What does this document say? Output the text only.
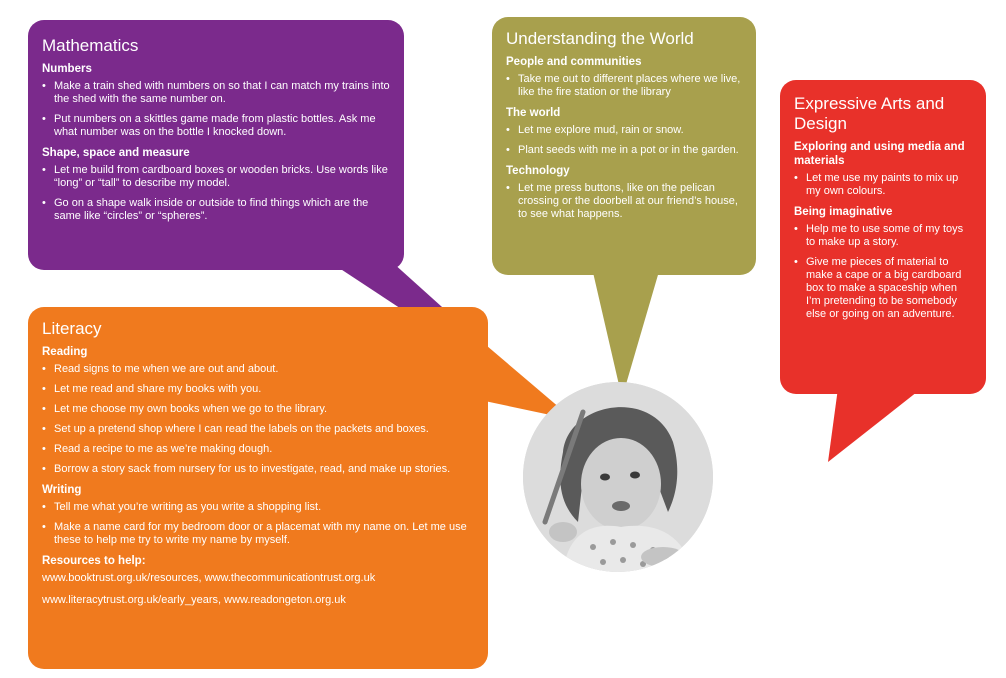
Mathematics
Numbers
• Make a train shed with numbers on so that I can match my trains into the shed with the same number on.
• Put numbers on a skittles game made from plastic bottles. Ask me what number was on the bottle I knocked down.
Shape, space and measure
• Let me build from cardboard boxes or wooden bricks. Use words like “long” or “tall” to describe my model.
• Go on a shape walk inside or outside to find things which are the same like “circles” or “spheres”.
Understanding the World
People and communities
• Take me out to different places where we live, like the fire station or the library
The world
• Let me explore mud, rain or snow.
• Plant seeds with me in a pot or in the garden.
Technology
• Let me press buttons, like on the pelican crossing or the doorbell at our friend’s house, to see what happens.
Expressive Arts and Design
Exploring and using media and materials
• Let me use my paints to mix up my own colours.
Being imaginative
• Help me to use some of my toys to make up a story.
• Give me pieces of material to make a cape or a big cardboard box to make a spaceship when I’m pretending to be somebody else or going on an adventure.
Literacy
Reading
• Read signs to me when we are out and about.
• Let me read and share my books with you.
• Let me choose my own books when we go to the library.
• Set up a pretend shop where I can read the labels on the packets and boxes.
• Read a recipe to me as we’re making dough.
• Borrow a story sack from nursery for us to investigate, read, and make up stories.
Writing
• Tell me what you’re writing as you write a shopping list.
• Make a name card for my bedroom door or a placemat with my name on. Let me use these to help me try to write my name by myself.
Resources to help:
www.booktrust.org.uk/resources, www.thecommunicationtrust.org.uk
www.literacytrust.org.uk/early_years, www.readongeton.org.uk
